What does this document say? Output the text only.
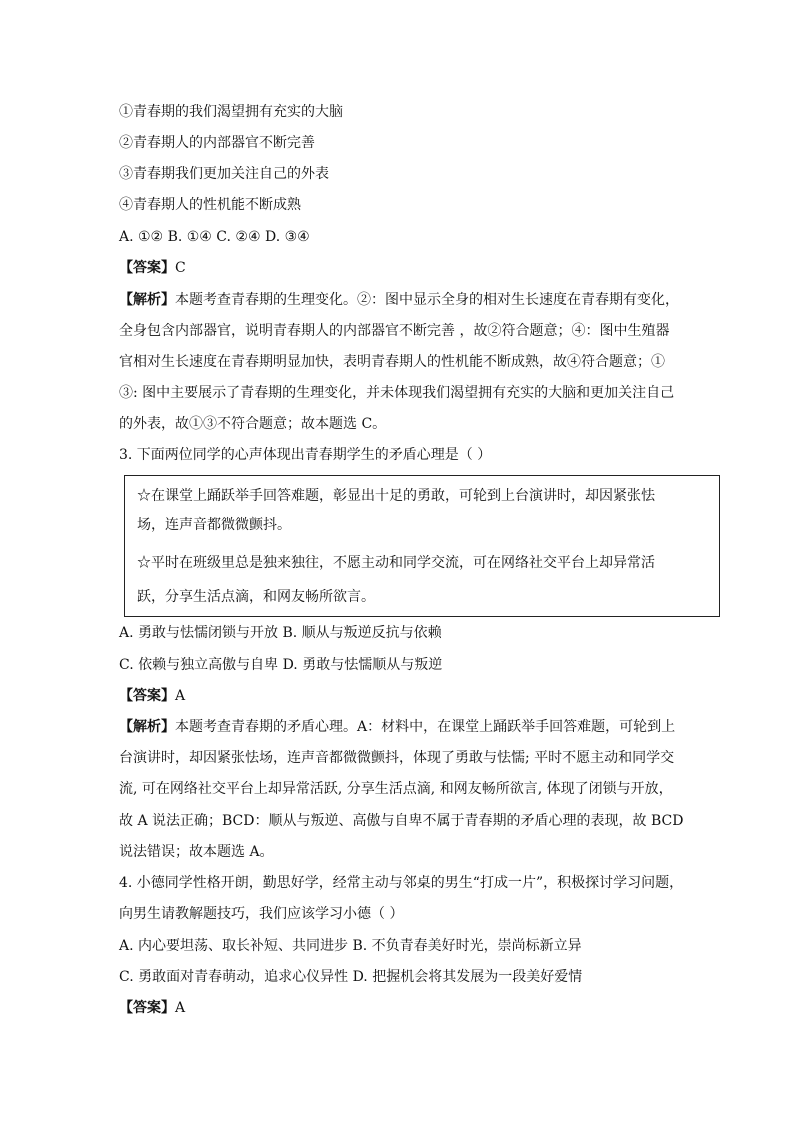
①青春期的我们渴望拥有充实的大脑
②青春期人的内部器官不断完善
③青春期我们更加关注自己的外表
④青春期人的性机能不断成熟
A. ①② B. ①④ C. ②④ D. ③④
【答案】C
【解析】本题考查青春期的生理变化。②：图中显示全身的相对生长速度在青春期有变化，
全身包含内部器官，说明青春期人的内部器官不断完善 ，故②符合题意；④：图中生殖器
官相对生长速度在青春期明显加快，表明青春期人的性机能不断成熟，故④符合题意；①
③: 图中主要展示了青春期的生理变化，并未体现我们渴望拥有充实的大脑和更加关注自己
的外表，故①③不符合题意；故本题选 C。
3. 下面两位同学的心声体现出青春期学生的矛盾心理是（ ）
☆在课堂上踊跃举手回答难题，彰显出十足的勇敢，可轮到上台演讲时，却因紧张怯
场，连声音都微微颤抖。
☆平时在班级里总是独来独往，不愿主动和同学交流，可在网络社交平台上却异常活
跃，分享生活点滴，和网友畅所欲言。
A. 勇敢与怯懦闭锁与开放 B. 顺从与叛逆反抗与依赖
C. 依赖与独立高傲与自卑 D. 勇敢与怯懦顺从与叛逆
【答案】A
【解析】本题考查青春期的矛盾心理。A：材料中，在课堂上踊跃举手回答难题，可轮到上
台演讲时，却因紧张怯场，连声音都微微颤抖，体现了勇敢与怯懦; 平时不愿主动和同学交
流, 可在网络社交平台上却异常活跃, 分享生活点滴, 和网友畅所欲言, 体现了闭锁与开放，
故 A 说法正确；BCD：顺从与叛逆、高傲与自卑不属于青春期的矛盾心理的表现，故 BCD
说法错误；故本题选 A。
4. 小德同学性格开朗，勤思好学，经常主动与邻桌的男生“打成一片”，积极探讨学习问题，
向男生请教解题技巧，我们应该学习小德（ ）
A. 内心要坦荡、取长补短、共同进步 B. 不负青春美好时光，崇尚标新立异
C. 勇敢面对青春萌动，追求心仪异性 D. 把握机会将其发展为一段美好爱情
【答案】A
